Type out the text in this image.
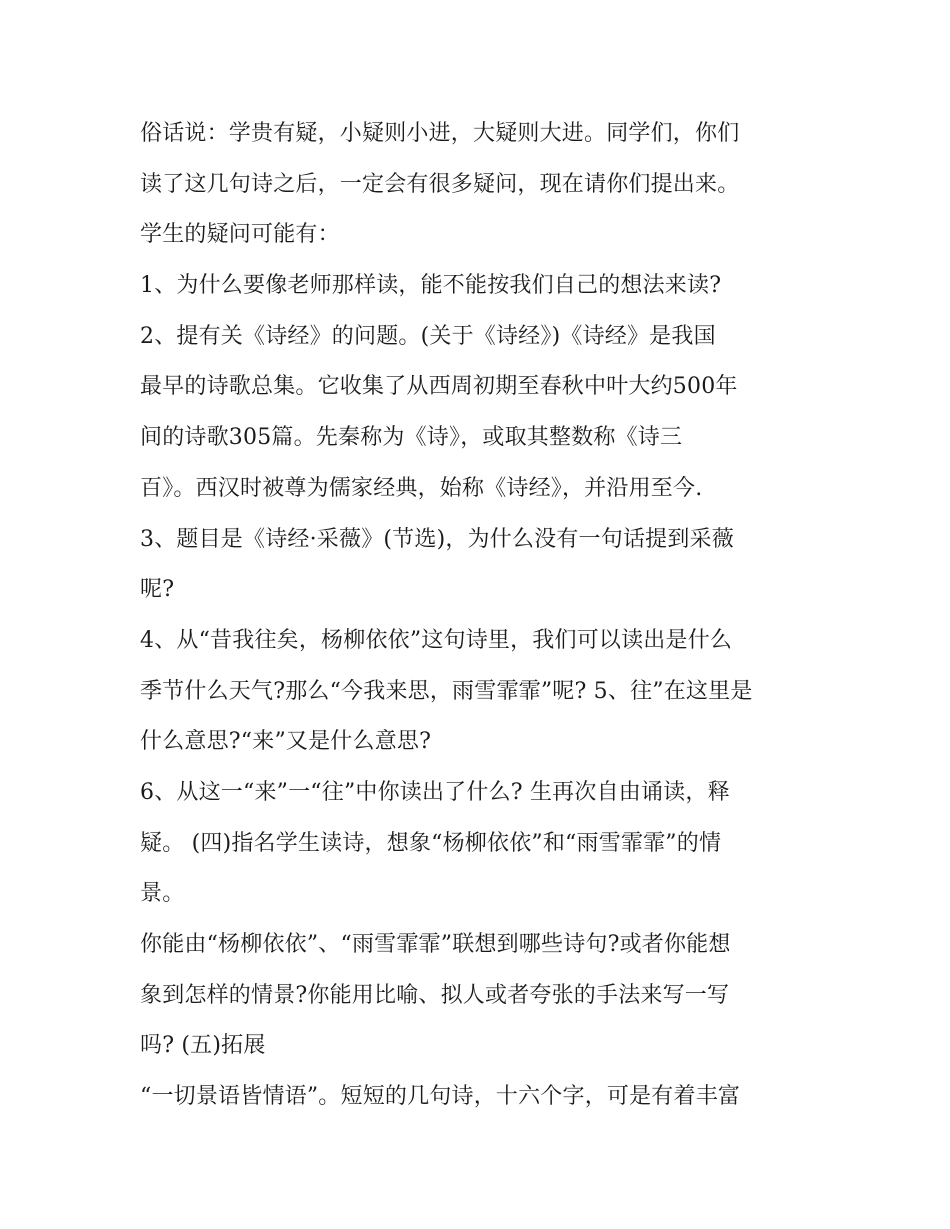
俗话说：学贵有疑，小疑则小进，大疑则大进。同学们，你们
读了这几句诗之后，一定会有很多疑问，现在请你们提出来。
学生的疑问可能有：
1、为什么要像老师那样读，能不能按我们自己的想法来读?
2、提有关《诗经》的问题。(关于《诗经》)《诗经》是我国
最早的诗歌总集。它收集了从西周初期至春秋中叶大约500年
间的诗歌305篇。先秦称为《诗》，或取其整数称《诗三
百》。西汉时被尊为儒家经典，始称《诗经》，并沿用至今.
3、题目是《诗经·采薇》(节选)，为什么没有一句话提到采薇
呢?
4、从“昔我往矣，杨柳依依”这句诗里，我们可以读出是什么
季节什么天气?那么“今我来思，雨雪霏霏”呢? 5、往”在这里是
什么意思?“来”又是什么意思?
6、从这一“来”一“往”中你读出了什么? 生再次自由诵读，释
疑。 (四)指名学生读诗，想象“杨柳依依”和“雨雪霏霏”的情
景。
你能由“杨柳依依”、“雨雪霏霏”联想到哪些诗句?或者你能想
象到怎样的情景?你能用比喻、拟人或者夸张的手法来写一写
吗? (五)拓展
“一切景语皆情语”。短短的几句诗，十六个字，可是有着丰富
